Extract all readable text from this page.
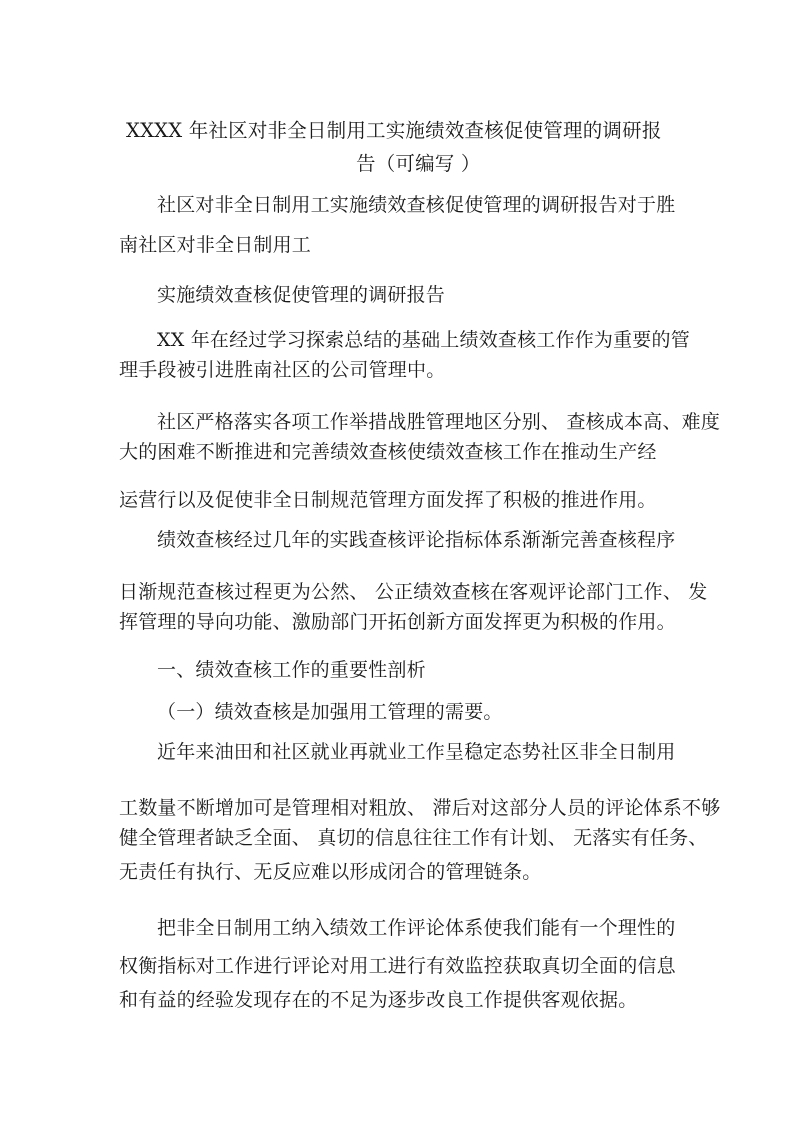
XXXX 年社区对非全日制用工实施绩效查核促使管理的调研报
告（可编写 ）
社区对非全日制用工实施绩效查核促使管理的调研报告对于胜
南社区对非全日制用工
实施绩效查核促使管理的调研报告
XX 年在经过学习探索总结的基础上绩效查核工作作为重要的管
理手段被引进胜南社区的公司管理中。
社区严格落实各项工作举措战胜管理地区分别、 查核成本高、难度
大的困难不断推进和完善绩效查核使绩效查核工作在推动生产经
运营行以及促使非全日制规范管理方面发挥了积极的推进作用。
绩效查核经过几年的实践查核评论指标体系渐渐完善查核程序
日渐规范查核过程更为公然、 公正绩效查核在客观评论部门工作、 发
挥管理的导向功能、激励部门开拓创新方面发挥更为积极的作用。
一、绩效查核工作的重要性剖析
（一）绩效查核是加强用工管理的需要。
近年来油田和社区就业再就业工作呈稳定态势社区非全日制用
工数量不断增加可是管理相对粗放、 滞后对这部分人员的评论体系不够
健全管理者缺乏全面、 真切的信息往往工作有计划、 无落实有任务、
无责任有执行、无反应难以形成闭合的管理链条。
把非全日制用工纳入绩效工作评论体系使我们能有一个理性的
权衡指标对工作进行评论对用工进行有效监控获取真切全面的信息
和有益的经验发现存在的不足为逐步改良工作提供客观依据。
